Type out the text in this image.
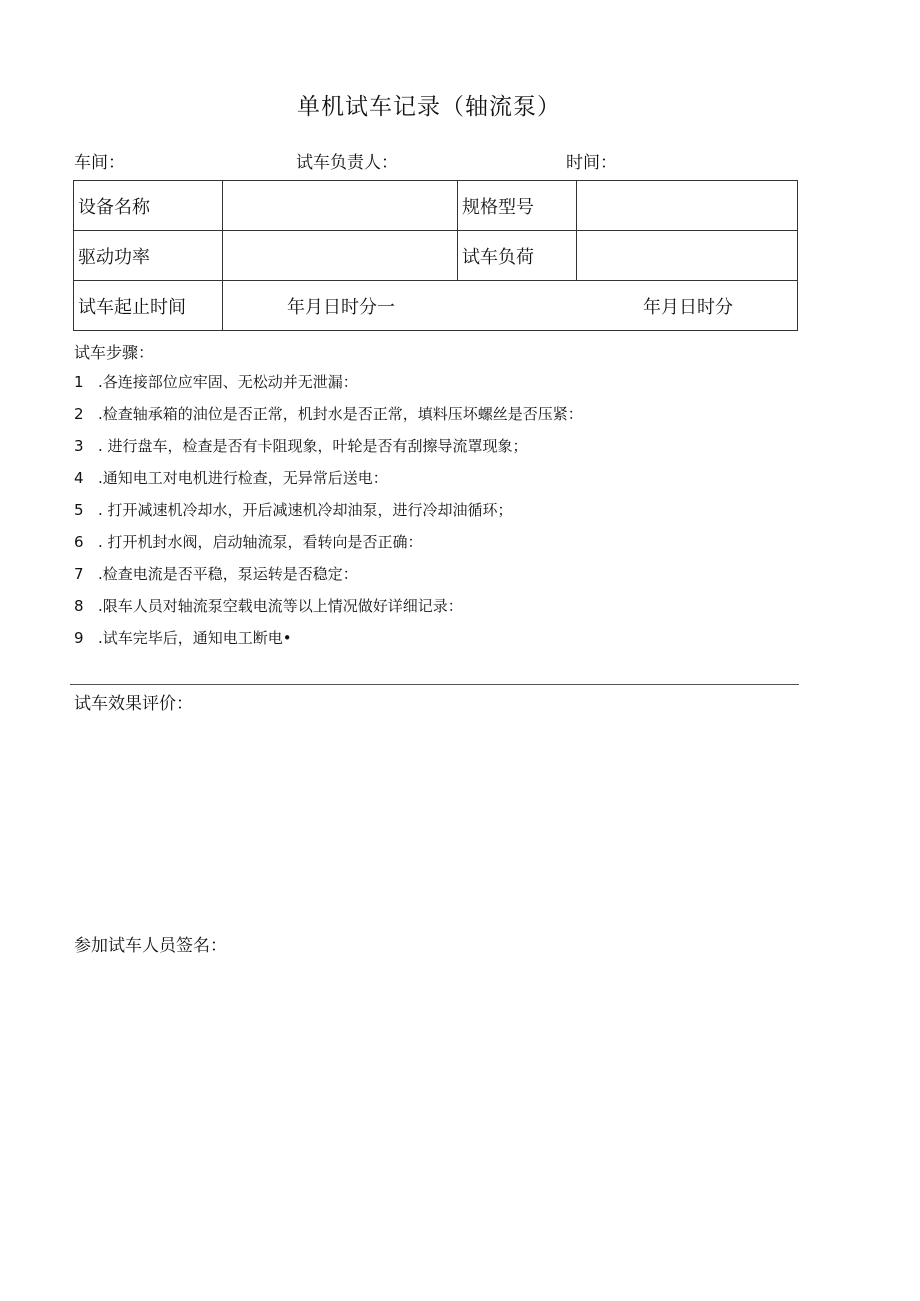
单机试车记录（轴流泵）
车间：	试车负责人：	时间：
设备名称		规格型号	
驱动功率		试车负荷	
试车起止时间	年月日时分一 年月日时分		
试车步骤：
1 .各连接部位应牢固、无松动并无泄漏：
2 .检查轴承箱的油位是否正常，机封水是否正常，填料压坏螺丝是否压紧：
3 . 进行盘车，检查是否有卡阻现象，叶轮是否有刮擦导流罩现象；
4 .通知电工对电机进行检查，无异常后送电：
5 . 打开减速机冷却水，开后减速机冷却油泵，进行冷却油循环；
6 . 打开机封水阀，启动轴流泵，看转向是否正确：
7 .检查电流是否平稳，泵运转是否稳定：
8 .限车人员对轴流泵空载电流等以上情况做好详细记录：
9 .试车完毕后，通知电工断电•
试车效果评价：
参加试车人员签名：
